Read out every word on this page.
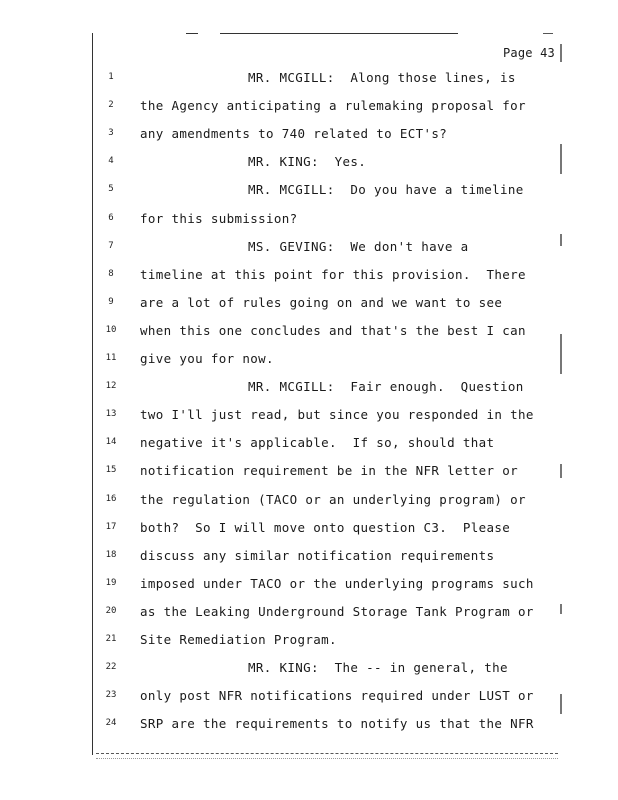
Page 43
1	MR. MCGILL:  Along those lines, is
2	the Agency anticipating a rulemaking proposal for
3	any amendments to 740 related to ECT's?
4	MR. KING:  Yes.
5	MR. MCGILL:  Do you have a timeline
6	for this submission?
7	MS. GEVING:  We don't have a
8	timeline at this point for this provision.  There
9	are a lot of rules going on and we want to see
10	when this one concludes and that's the best I can
11	give you for now.
12	MR. MCGILL:  Fair enough.  Question
13	two I'll just read, but since you responded in the
14	negative it's applicable.  If so, should that
15	notification requirement be in the NFR letter or
16	the regulation (TACO or an underlying program) or
17	both?  So I will move onto question C3.  Please
18	discuss any similar notification requirements
19	imposed under TACO or the underlying programs such
20	as the Leaking Underground Storage Tank Program or
21	Site Remediation Program.
22	MR. KING:  The -- in general, the
23	only post NFR notifications required under LUST or
24	SRP are the requirements to notify us that the NFR
